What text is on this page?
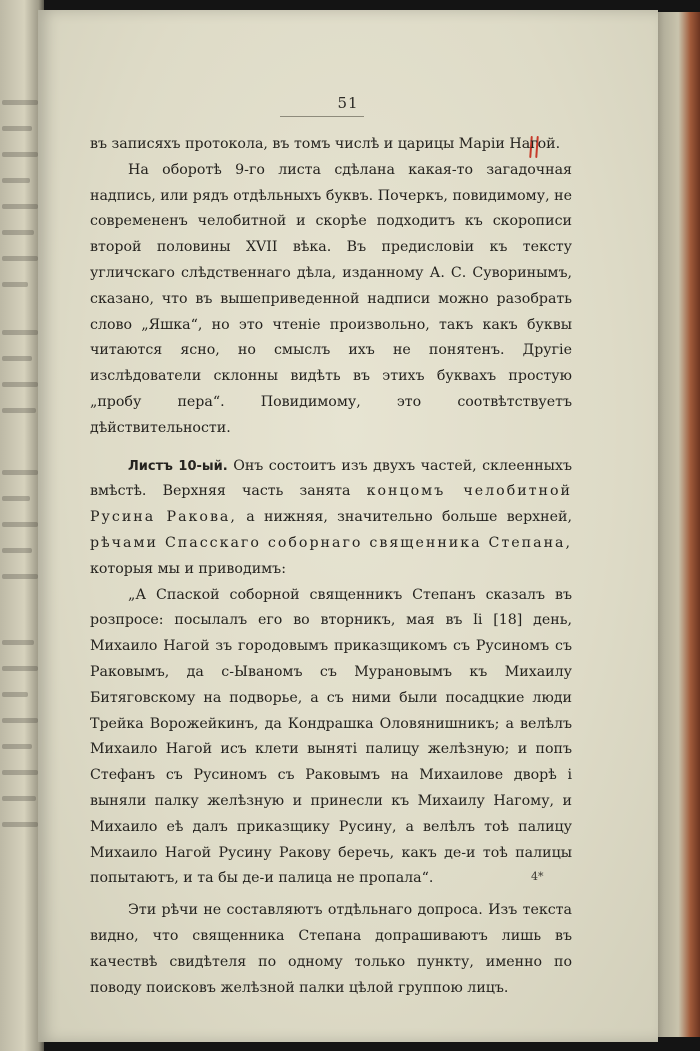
51

въ записяхъ протокола, въ томъ числѣ и царицы Маріи Нагой.

На оборотѣ 9-го листа сдѣлана какая-то загадочная надпись, или рядъ отдѣльныхъ буквъ. Почеркъ, повидимому, не современенъ челобитной и скорѣе подходитъ къ скорописи второй половины XVII вѣка. Въ предисловіи къ тексту угличскаго слѣдственнаго дѣла, изданному А. С. Суворинымъ, сказано, что въ вышеприведенной надписи можно разобрать слово „Яшка“, но это чтеніе произвольно, такъ какъ буквы читаются ясно, но смыслъ ихъ не понятенъ. Другіе изслѣдователи склонны видѣть въ этихъ буквахъ простую „пробу пера“. Повидимому, это соотвѣтствуетъ дѣйствительности.

Листъ 10-ый. Онъ состоитъ изъ двухъ частей, склеенныхъ вмѣстѣ. Верхняя часть занята концомъ челобитной Русина Ракова, а нижняя, значительно больше верхней, рѣчами Спасскаго соборнаго священника Степана, которыя мы и приводимъ:

„А Спаской соборной священникъ Степанъ сказалъ въ розпросе: посылалъ его во вторникъ, мая въ ӏі [18] день, Михаило Нагой зъ городовымъ приказщикомъ съ Русиномъ съ Раковымъ, да с-Ываномъ съ Мурановымъ къ Михаилу Битяговскому на подворье, а съ ними были посадцкие люди Трейка Ворожейкинъ, да Кондрашка Оловянишникъ; а велѣлъ Михаило Нагой исъ клети вынятi палицу желѣзную; и попъ Стефанъ съ Русиномъ съ Раковымъ на Михаилове дворѣ i выняли палку желѣзную и принесли къ Михаилу Нагому, и Михаило eѣ далъ приказщику Русину, а велѣлъ тоѣ палицу Михаило Нагой Русину Ракову беречь, какъ де-и тоѣ палицы попытаютъ, и та бы де-и палица не пропала“.

Эти рѣчи не составляютъ отдѣльнаго допроса. Изъ текста видно, что священника Степана допрашиваютъ лишь въ качествѣ свидѣтеля по одному только пункту, именно по поводу поисковъ желѣзной палки цѣлой группою лицъ.

4*
